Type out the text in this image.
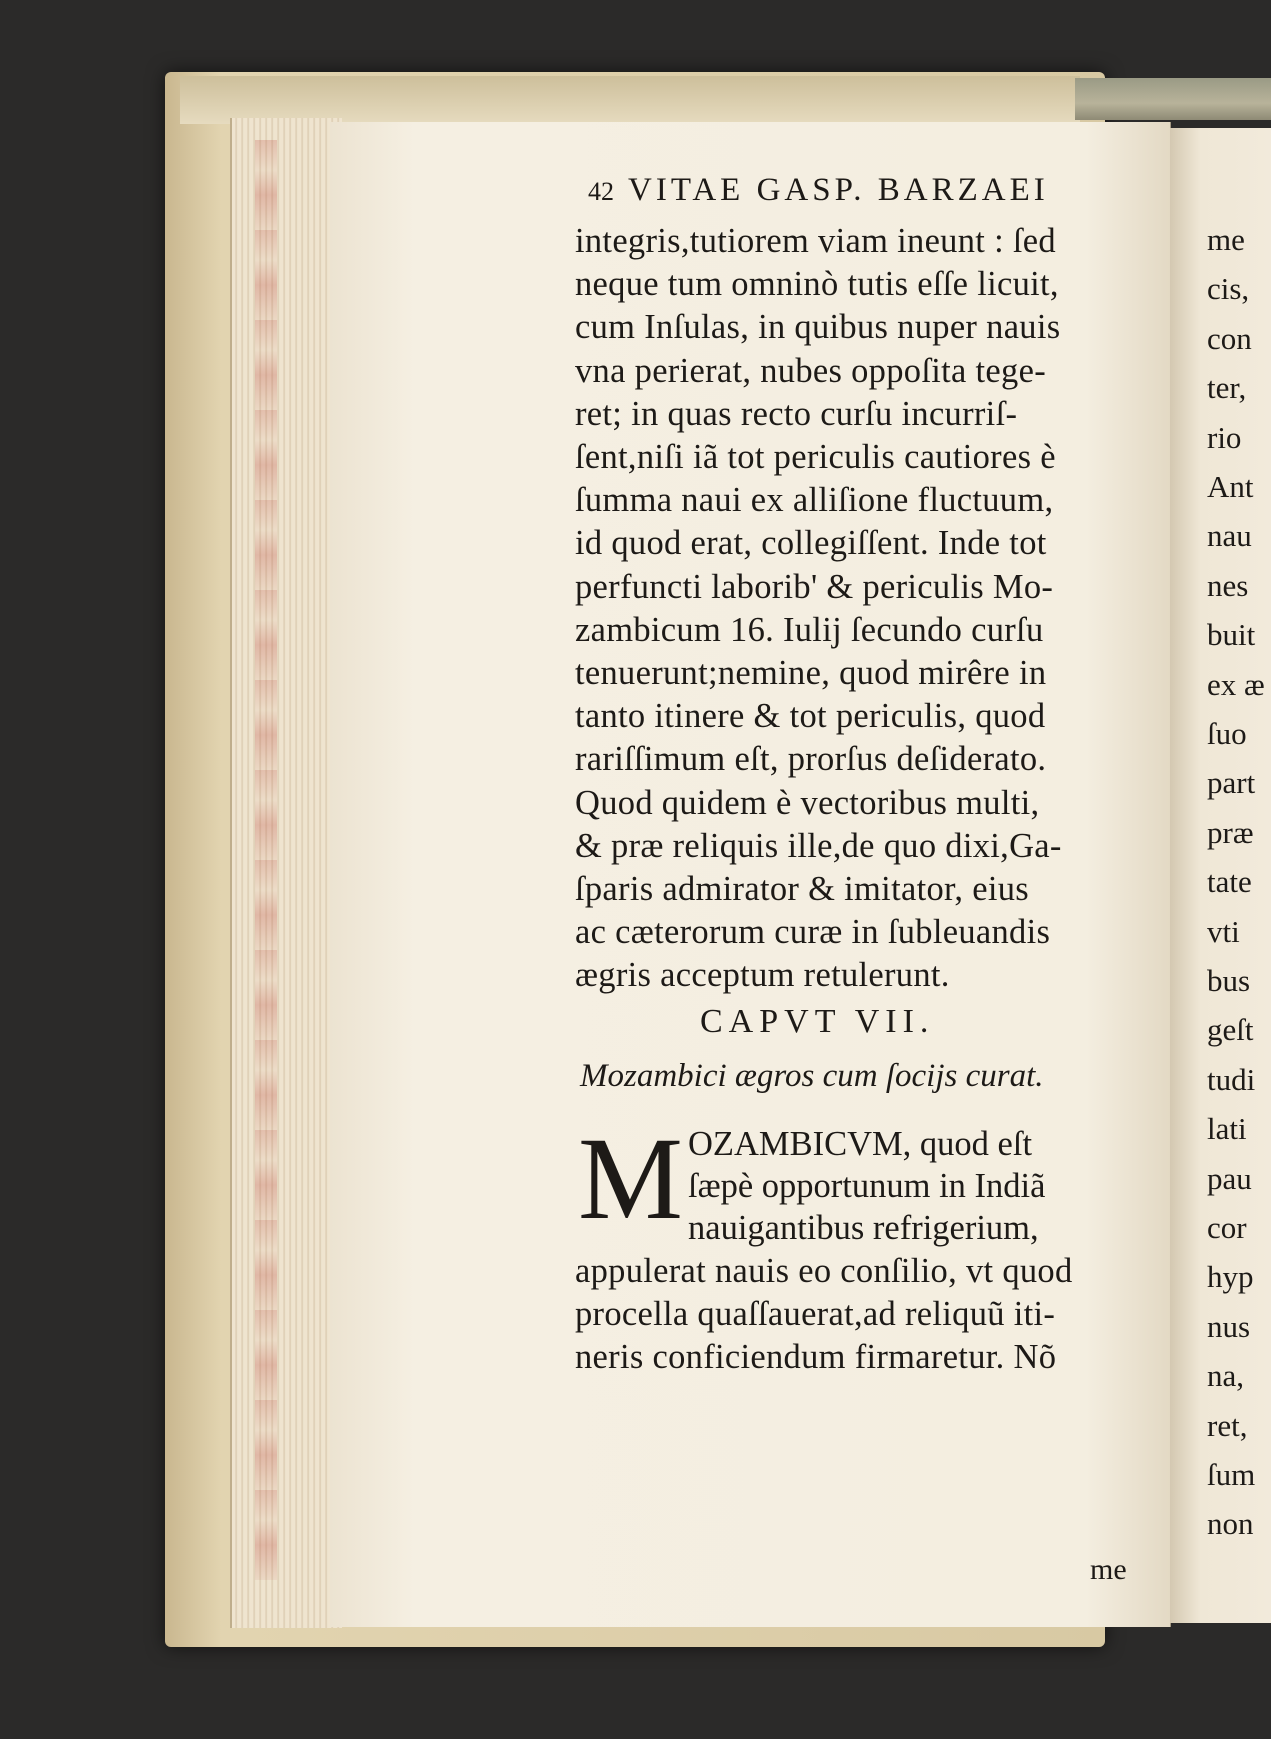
42 VITAE GASP. BARZAEI
integris,tutiorem viam ineunt : ſed
neque tum omninò tutis eſſe licuit,
cum Inſulas, in quibus nuper nauis
vna perierat, nubes oppoſita tege-
ret; in quas recto curſu incurriſ-
ſent,niſi iã tot periculis cautiores è
ſumma naui ex alliſione fluctuum,
id quod erat, collegiſſent. Inde tot
perfuncti laborib' & periculis Mo-
zambicum 16. Iulij ſecundo curſu
tenuerunt;nemine, quod mirêre in
tanto itinere & tot periculis, quod
rariſſimum eſt, prorſus deſiderato.
Quod quidem è vectoribus multi,
& præ reliquis ille,de quo dixi,Ga-
ſparis admirator & imitator, eius
ac cæterorum curæ in ſubleuandis
ægris acceptum retulerunt.
CAPVT VII.
Mozambici ægros cum ſocijs curat.
M OZAMBICVM, quod eſt
ſæpè opportunum in Indiã
nauigantibus refrigerium,
appulerat nauis eo conſilio, vt quod
procella quaſſauerat,ad reliquũ iti-
neris conficiendum firmaretur. Nõ
me
me
cis,
con
ter,
rio
Ant
nau
nes
buit
ex æ
ſuo
part
præ
tate
vti
bus
geſt
tudi
lati
pau
cor
hyp
nus
na,
ret,
ſum
non
